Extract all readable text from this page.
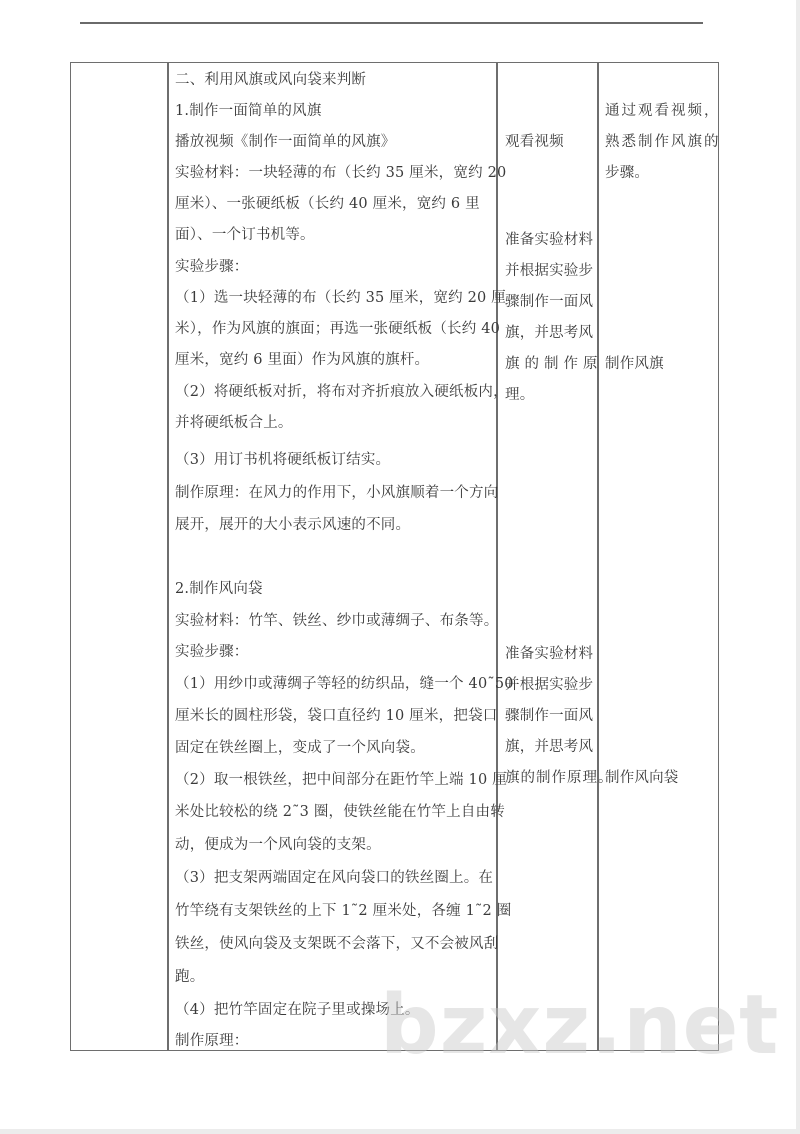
二、利用风旗或风向袋来判断
1.制作一面简单的风旗
播放视频《制作一面简单的风旗》
实验材料：一块轻薄的布（长约 35 厘米，宽约 20
厘米）、一张硬纸板（长约 40 厘米，宽约 6 里
面）、一个订书机等。
实验步骤：
（1）选一块轻薄的布（长约 35 厘米，宽约 20 厘
米），作为风旗的旗面；再选一张硬纸板（长约 40
厘米，宽约 6 里面）作为风旗的旗杆。
（2）将硬纸板对折，将布对齐折痕放入硬纸板内，
并将硬纸板合上。
（3）用订书机将硬纸板订结实。
制作原理：在风力的作用下，小风旗顺着一个方向
展开，展开的大小表示风速的不同。
2.制作风向袋
实验材料：竹竿、铁丝、纱巾或薄绸子、布条等。
实验步骤：
（1）用纱巾或薄绸子等轻的纺织品，缝一个 40˜50
厘米长的圆柱形袋，袋口直径约 10 厘米，把袋口
固定在铁丝圈上，变成了一个风向袋。
（2）取一根铁丝，把中间部分在距竹竿上端 10 厘
米处比较松的绕 2˜3 圈，使铁丝能在竹竿上自由转
动，便成为一个风向袋的支架。
（3）把支架两端固定在风向袋口的铁丝圈上。在
竹竿绕有支架铁丝的上下 1˜2 厘米处，各缠 1˜2 圈
铁丝，使风向袋及支架既不会落下，又不会被风刮
跑。
（4）把竹竿固定在院子里或操场上。
制作原理：
观看视频
准备实验材料
并根据实验步
骤制作一面风
旗，并思考风
旗的制作原
理。
准备实验材料
并根据实验步
骤制作一面风
旗，并思考风
旗的制作原理。
通过观看视频，
熟悉制作风旗的
步骤。
制作风旗
制作风向袋
bzxz.net
